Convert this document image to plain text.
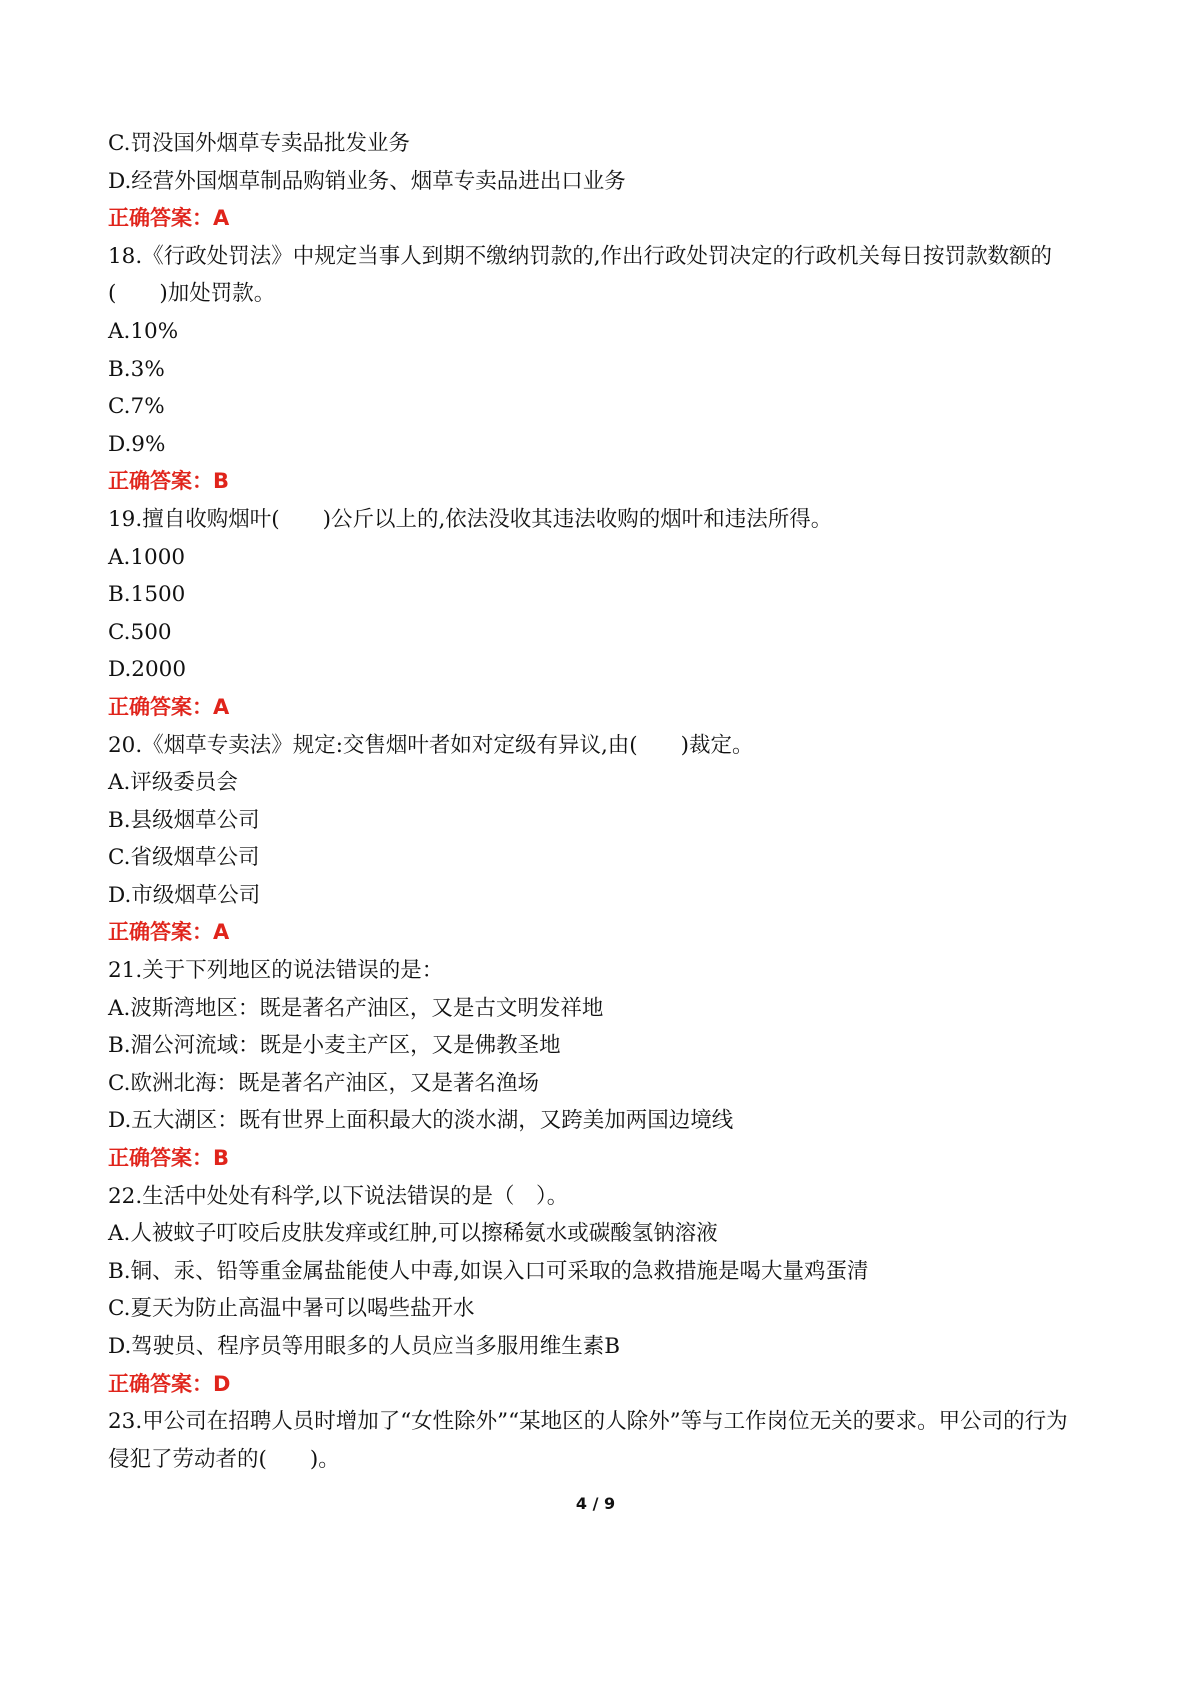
C.罚没国外烟草专卖品批发业务
D.经营外国烟草制品购销业务、烟草专卖品进出口业务
正确答案：A
18.《行政处罚法》中规定当事人到期不缴纳罚款的,作出行政处罚决定的行政机关每日按罚款数额的(　　)加处罚款。
A.10%
B.3%
C.7%
D.9%
正确答案：B
19.擅自收购烟叶(　　)公斤以上的,依法没收其违法收购的烟叶和违法所得。
A.1000
B.1500
C.500
D.2000
正确答案：A
20.《烟草专卖法》规定:交售烟叶者如对定级有异议,由(　　)裁定。
A.评级委员会
B.县级烟草公司
C.省级烟草公司
D.市级烟草公司
正确答案：A
21.关于下列地区的说法错误的是：
A.波斯湾地区：既是著名产油区，又是古文明发祥地
B.湄公河流域：既是小麦主产区，又是佛教圣地
C.欧洲北海：既是著名产油区，又是著名渔场
D.五大湖区：既有世界上面积最大的淡水湖，又跨美加两国边境线
正确答案：B
22.生活中处处有科学,以下说法错误的是（　）。
A.人被蚊子叮咬后皮肤发痒或红肿,可以擦稀氨水或碳酸氢钠溶液
B.铜、汞、铅等重金属盐能使人中毒,如误入口可采取的急救措施是喝大量鸡蛋清
C.夏天为防止高温中暑可以喝些盐开水
D.驾驶员、程序员等用眼多的人员应当多服用维生素B
正确答案：D
23.甲公司在招聘人员时增加了“女性除外”“某地区的人除外”等与工作岗位无关的要求。甲公司的行为侵犯了劳动者的(　　)。
4 / 9
